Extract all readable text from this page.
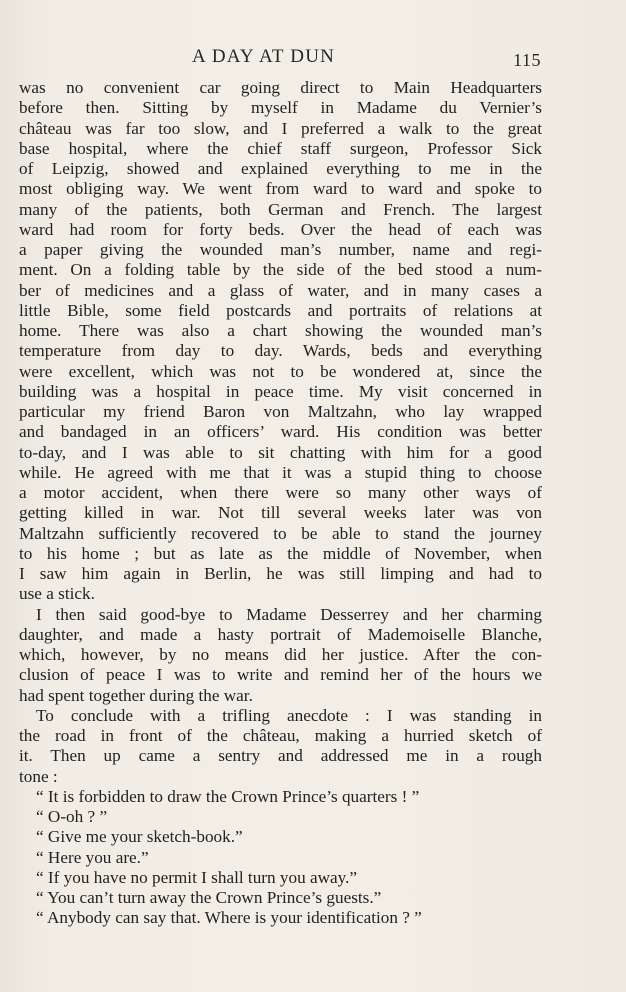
A DAY AT DUN	115
was no convenient car going direct to Main Headquarters
before then. Sitting by myself in Madame du Vernier’s
château was far too slow, and I preferred a walk to the great
base hospital, where the chief staff surgeon, Professor Sick
of Leipzig, showed and explained everything to me in the
most obliging way. We went from ward to ward and spoke to
many of the patients, both German and French. The largest
ward had room for forty beds. Over the head of each was
a paper giving the wounded man’s number, name and regi-
ment. On a folding table by the side of the bed stood a num-
ber of medicines and a glass of water, and in many cases a
little Bible, some field postcards and portraits of relations at
home. There was also a chart showing the wounded man’s
temperature from day to day. Wards, beds and everything
were excellent, which was not to be wondered at, since the
building was a hospital in peace time. My visit concerned in
particular my friend Baron von Maltzahn, who lay wrapped
and bandaged in an officers’ ward. His condition was better
to-day, and I was able to sit chatting with him for a good
while. He agreed with me that it was a stupid thing to choose
a motor accident, when there were so many other ways of
getting killed in war. Not till several weeks later was von
Maltzahn sufficiently recovered to be able to stand the journey
to his home ; but as late as the middle of November, when
I saw him again in Berlin, he was still limping and had to
use a stick.
I then said good-bye to Madame Desserrey and her charming
daughter, and made a hasty portrait of Mademoiselle Blanche,
which, however, by no means did her justice. After the con-
clusion of peace I was to write and remind her of the hours we
had spent together during the war.
To conclude with a trifling anecdote : I was standing in
the road in front of the château, making a hurried sketch of
it. Then up came a sentry and addressed me in a rough
tone :
“ It is forbidden to draw the Crown Prince’s quarters ! ”
“ O-oh ? ”
“ Give me your sketch-book.”
“ Here you are.”
“ If you have no permit I shall turn you away.”
“ You can’t turn away the Crown Prince’s guests.”
“ Anybody can say that. Where is your identification ? ”
